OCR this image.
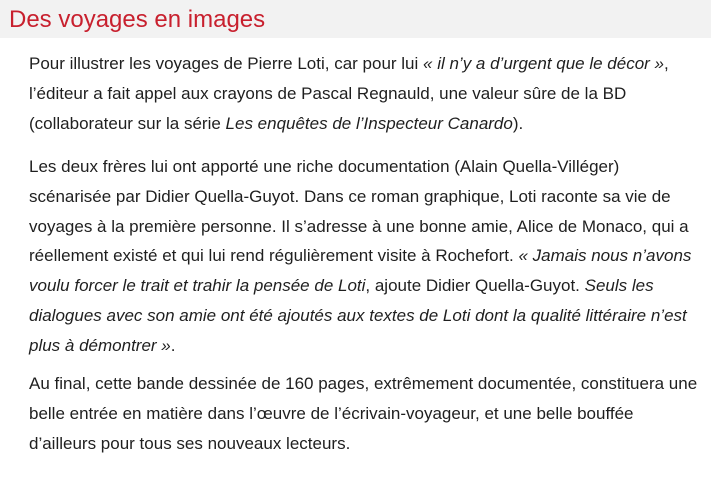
Des voyages en images

Pour illustrer les voyages de Pierre Loti, car pour lui « il n’y a d’urgent que le décor », l’éditeur a fait appel aux crayons de Pascal Regnauld, une valeur sûre de la BD (collaborateur sur la série Les enquêtes de l’Inspecteur Canardo).

Les deux frères lui ont apporté une riche documentation (Alain Quella-Villéger) scénarisée par Didier Quella-Guyot. Dans ce roman graphique, Loti raconte sa vie de voyages à la première personne. Il s’adresse à une bonne amie, Alice de Monaco, qui a réellement existé et qui lui rend régulièrement visite à Rochefort. « Jamais nous n’avons voulu forcer le trait et trahir la pensée de Loti, ajoute Didier Quella-Guyot. Seuls les dialogues avec son amie ont été ajoutés aux textes de Loti dont la qualité littéraire n’est plus à démontrer ».

Au final, cette bande dessinée de 160 pages, extrêmement documentée, constituera une belle entrée en matière dans l’œuvre de l’écrivain-voyageur, et une belle bouffée d’ailleurs pour tous ses nouveaux lecteurs.
